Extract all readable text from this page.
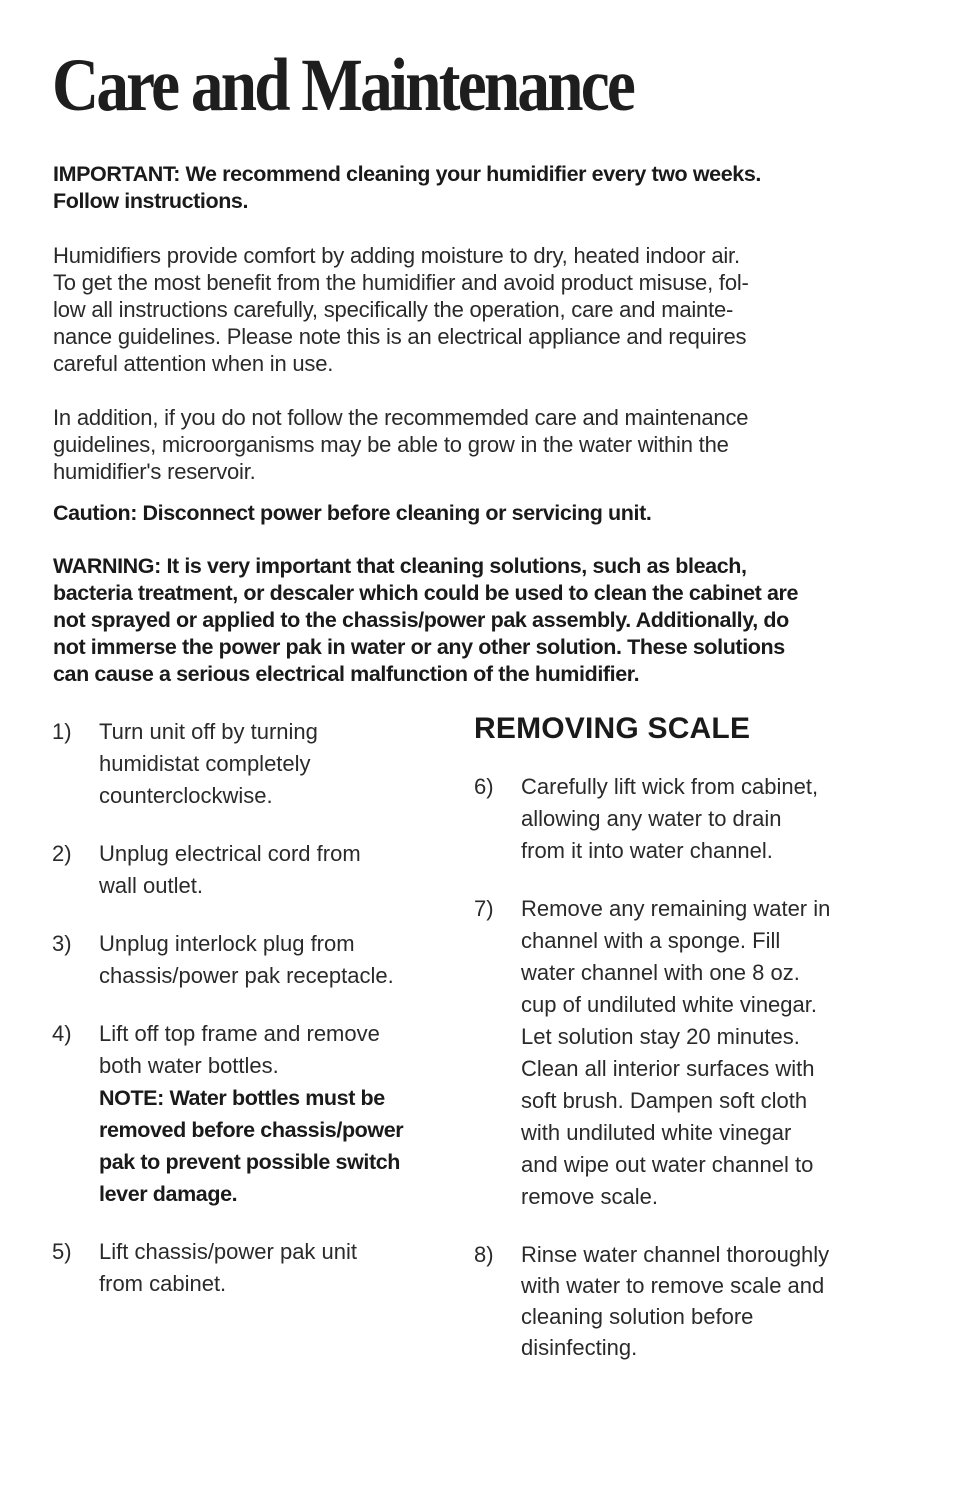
Care and Maintenance

IMPORTANT: We recommend cleaning your humidifier every two weeks.
Follow instructions.

Humidifiers provide comfort by adding moisture to dry, heated indoor air.
To get the most benefit from the humidifier and avoid product misuse, fol-
low all instructions carefully, specifically the operation, care and mainte-
nance guidelines. Please note this is an electrical appliance and requires
careful attention when in use.

In addition, if you do not follow the recommemded care and maintenance
guidelines, microorganisms may be able to grow in the water within the
humidifier's reservoir.

Caution: Disconnect power before cleaning or servicing unit.

WARNING: It is very important that cleaning solutions, such as bleach,
bacteria treatment, or descaler which could be used to clean the cabinet are
not sprayed or applied to the chassis/power pak assembly. Additionally, do
not immerse the power pak in water or any other solution. These solutions
can cause a serious electrical malfunction of the humidifier.

1) Turn unit off by turning
humidistat completely
counterclockwise.
2) Unplug electrical cord from
wall outlet.
3) Unplug interlock plug from
chassis/power pak receptacle.
4) Lift off top frame and remove
both water bottles.
NOTE: Water bottles must be
removed before chassis/power
pak to prevent possible switch
lever damage.
5) Lift chassis/power pak unit
from cabinet.
REMOVING SCALE
6) Carefully lift wick from cabinet,
allowing any water to drain
from it into water channel.
7) Remove any remaining water in
channel with a sponge. Fill
water channel with one 8 oz.
cup of undiluted white vinegar.
Let solution stay 20 minutes.
Clean all interior surfaces with
soft brush. Dampen soft cloth
with undiluted white vinegar
and wipe out water channel to
remove scale.
8) Rinse water channel thoroughly
with water to remove scale and
cleaning solution before
disinfecting.
